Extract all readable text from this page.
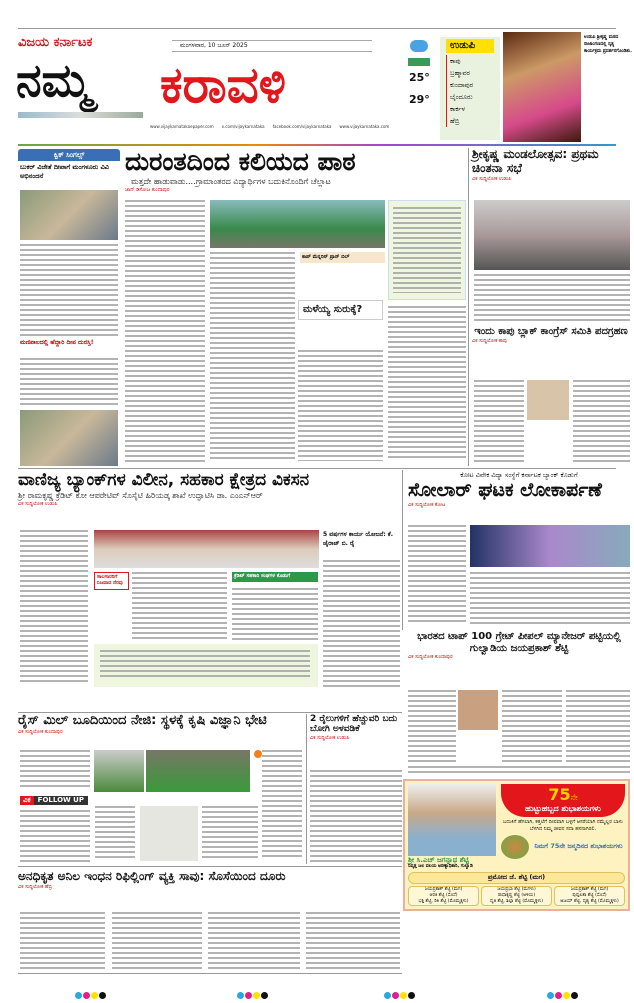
ವಿಜಯ ಕರ್ನಾಟಕ
ನಮ್ಮ
ಮಂಗಳವಾರ, 10 ಜೂನ್ 2025
ಕರಾವಳಿ
www.vijaykarnatakaepaper.com x.com/vijaykarnataka facebook.com/vijaykarnataka www.vijaykarnataka.com
25°
29°
ಉಡುಪಿ
ಕಾಪು
ಬ್ರಹ್ಮಾವರ
ಕುಂದಾಪುರ
ಬೈಂದೂರು
ಕಾರ್ಕಳ
ಹೆಬ್ರಿ
ಉಡುಪಿ ಶ್ರೀಕೃಷ್ಣ ಮಠದ ರಾಜಾಂಗಣದಲ್ಲಿ ನೃತ್ಯ ಕಾರ್ಯಕ್ರಮ ಪ್ರದರ್ಶನಗೊಂಡಿತು.
ಕ್ವಿಕ್ ಸಿಂಗಲ್ಸ್
ಬುಕರ್ ವಿಜೇತೆ ದೀಪಾಗೆ ಮಂಗಳೂರು ವಿವಿ ಅಭಿನಂದನೆ
ಮಣಿಪಾಲದಲ್ಲಿ ಹೆದ್ದಾರಿ ದೀಪ ದುರಸ್ತಿ!
ದುರಂತದಿಂದ ಕಲಿಯದ ಪಾಠ
ಮತ್ತದೇ ಹಾಡುವಾಡು....ಗ್ರಾಮಾಂತರದ ವಿದ್ಯಾರ್ಥಿಗಳ ಬದುಕಿನೊಂದಿಗೆ ಚೆಲ್ಲಾಟ
ಜಾನ್ ಡಿಸೋಜ ಕುಂದಾಪುರ
ಕಾಪ್ ಮೆನ್ನರಿನ್ ಪ್ರಾನ್ ಬಿಲ್
ಮಳೆಯ್ಯ ಸುರುಕ್ಕೆ?
ಶ್ರೀಕೃಷ್ಣ ಮಂಡಲೋತ್ಸವ: ಪ್ರಥಮ ಚಿಂತನಾ ಸಭೆ
ವಿಕ ಸುದ್ದಿಲೋಕ ಉಡುಪಿ
ಇಂದು ಕಾಪು ಬ್ಲಾಕ್ ಕಾಂಗ್ರೆಸ್ ಸಮಿತಿ ಪದಗ್ರಹಣ
ವಿಕ ಸುದ್ದಿಲೋಕ ಕಾಪು
ವಾಣಿಜ್ಯ ಬ್ಯಾಂಕ್‌ಗಳ ವಿಲೀನ, ಸಹಕಾರ ಕ್ಷೇತ್ರದ ವಿಕಸನ
ಶ್ರೀ ರಾಮಕೃಷ್ಣ ಕ್ರೆಡಿಟ್ ಕೋ ಆಪರೇಟಿವ್ ಸೊಸೈಟಿ ಹಿರಿಯಡ್ಕ ಶಾಖೆ ಉದ್ಘಾಟಿಸಿ ಡಾ. ಎಂಎನ್‌ಆರ್
ವಿಕ ಸುದ್ದಿಲೋಕ ಉಡುಪಿ
5 ವರ್ಷಗಳ ಕಾರ್ಯ ಯೋಜನೆ: ಕೆ. ಜೈರಾಜ್ ಬಿ. ರೈ
ಸಾಲಗಾರರಿಗೆ ನಿಜವಾದ ನೆರವು
ಕ್ರೆಡಿಟ್ ಸಹಕಾರಿ ಸಂಘಗಳ ಕೊಡುಗೆ
ಕೋಟ ವಿವೇಕ ವಿದ್ಯಾ ಸಂಸ್ಥೆಗೆ ಕರ್ನಾಟಕ ಬ್ಯಾಂಕ್ ಕೊಡುಗೆ
ಸೋಲಾರ್ ಘಟಕ ಲೋಕಾರ್ಪಣೆ
ವಿಕ ಸುದ್ದಿಲೋಕ ಕೋಟ
ಭಾರತದ ಟಾಪ್ 100 ಗ್ರೇಟ್ ಪೀಪಲ್ ಮ್ಯಾನೇಜರ್ ಪಟ್ಟಿಯಲ್ಲಿ ಗುಲ್ವಾಡಿಯ ಜಯಪ್ರಕಾಶ್ ಶೆಟ್ಟಿ
ವಿಕ ಸುದ್ದಿಲೋಕ ಕುಂದಾಪುರ
ರೈಸ್ ಮಿಲ್ ಬೂದಿಯಿಂದ ನೇಜಿ: ಸ್ಥಳಕ್ಕೆ ಕೃಷಿ ವಿಜ್ಞಾನಿ ಭೇಟಿ
ವಿಕ ಸುದ್ದಿಲೋಕ ಕುಂದಾಪುರ
ವಿಕ	FOLLOW UP
2 ರೈಲುಗಳಿಗೆ ಹೆಚ್ಚುವರಿ ಬದು ಬೋಗಿ ಅಳವಡಿಕೆ
ವಿಕ ಸುದ್ದಿಲೋಕ ಉಡುಪಿ
ಶ್ರೀ ಸಿ.ಎಚ್ ಜಗನ್ನಾಥ ಶೆಟ್ಟಿ
ನಿವೃತ್ತ ಜಲ ವಲಯ ಅರಣ್ಯಾಧಿಕಾರಿ, ಗುಲ್ವಾಡಿ
75ನೇ
ಹುಟ್ಟುಹಬ್ಬದ ಶುಭಾಶಯಗಳು
ಬದುಕಿಗೆ ಹೆಗಲಾಗಿ, ಕತ್ತಲೆಗೆ ದೀಪವಾಗಿ ಬಳ್ಳಿಗೆ ಆಸರೆಯಾಗಿ ನಮ್ಮೆಲ್ಲರ ಬಾಳು ಬೆಳಗಿದ ನಿಮ್ಮ ಜೀವನ ಸದಾ ಹಸನಾಗಿರಲಿ.
ನಿಮಗೆ 75ನೇ ಜನ್ಮದಿನದ ಶುಭಾಶಯಗಳು
ಪ್ರಮೋದ ಜೆ. ಶೆಟ್ಟಿ (ಮಗ)
ಜಯಪ್ರಕಾಶ್ ಶೆಟ್ಟಿ (ಮಗ)
ಆರತಿ ಶೆಟ್ಟಿ (ಸೊಸೆ)
ಭಕ್ತಿ ಶೆಟ್ಟಿ, ರಿತಿ ಶೆಟ್ಟಿ (ಮೊಮ್ಮಕ್ಕಳು)
ಜಯಪ್ರಭಾ ಶೆಟ್ಟಿ (ಮಗಳು)
ರಾಧಾಕೃಷ್ಣ ಶೆಟ್ಟಿ (ಅಳಿಯ)
ಧೃತಿ ಶೆಟ್ಟಿ, ಶಿಲ್ಪಾ ಶೆಟ್ಟಿ (ಮೊಮ್ಮಕ್ಕಳು)
ಜಯಪ್ರಕಾಶ್ ಶೆಟ್ಟಿ (ಮಗ)
ಪುಷ್ಪಲತಾ ಶೆಟ್ಟಿ (ಸೊಸೆ)
ಅಜಯ್ ಶೆಟ್ಟಿ, ದೃಶ್ಯ ಶೆಟ್ಟಿ (ಮೊಮ್ಮಕ್ಕಳು)
ಅನಧಿಕೃತ ಅನಿಲ ಇಂಧನ ರಿಫಿಲ್ಲಿಂಗ್ ವ್ಯಕ್ತಿ ಸಾವು: ಸೊಸೆಯಿಂದ ದೂರು
ವಿಕ ಸುದ್ದಿಲೋಕ ಹೆಬ್ರಿ
